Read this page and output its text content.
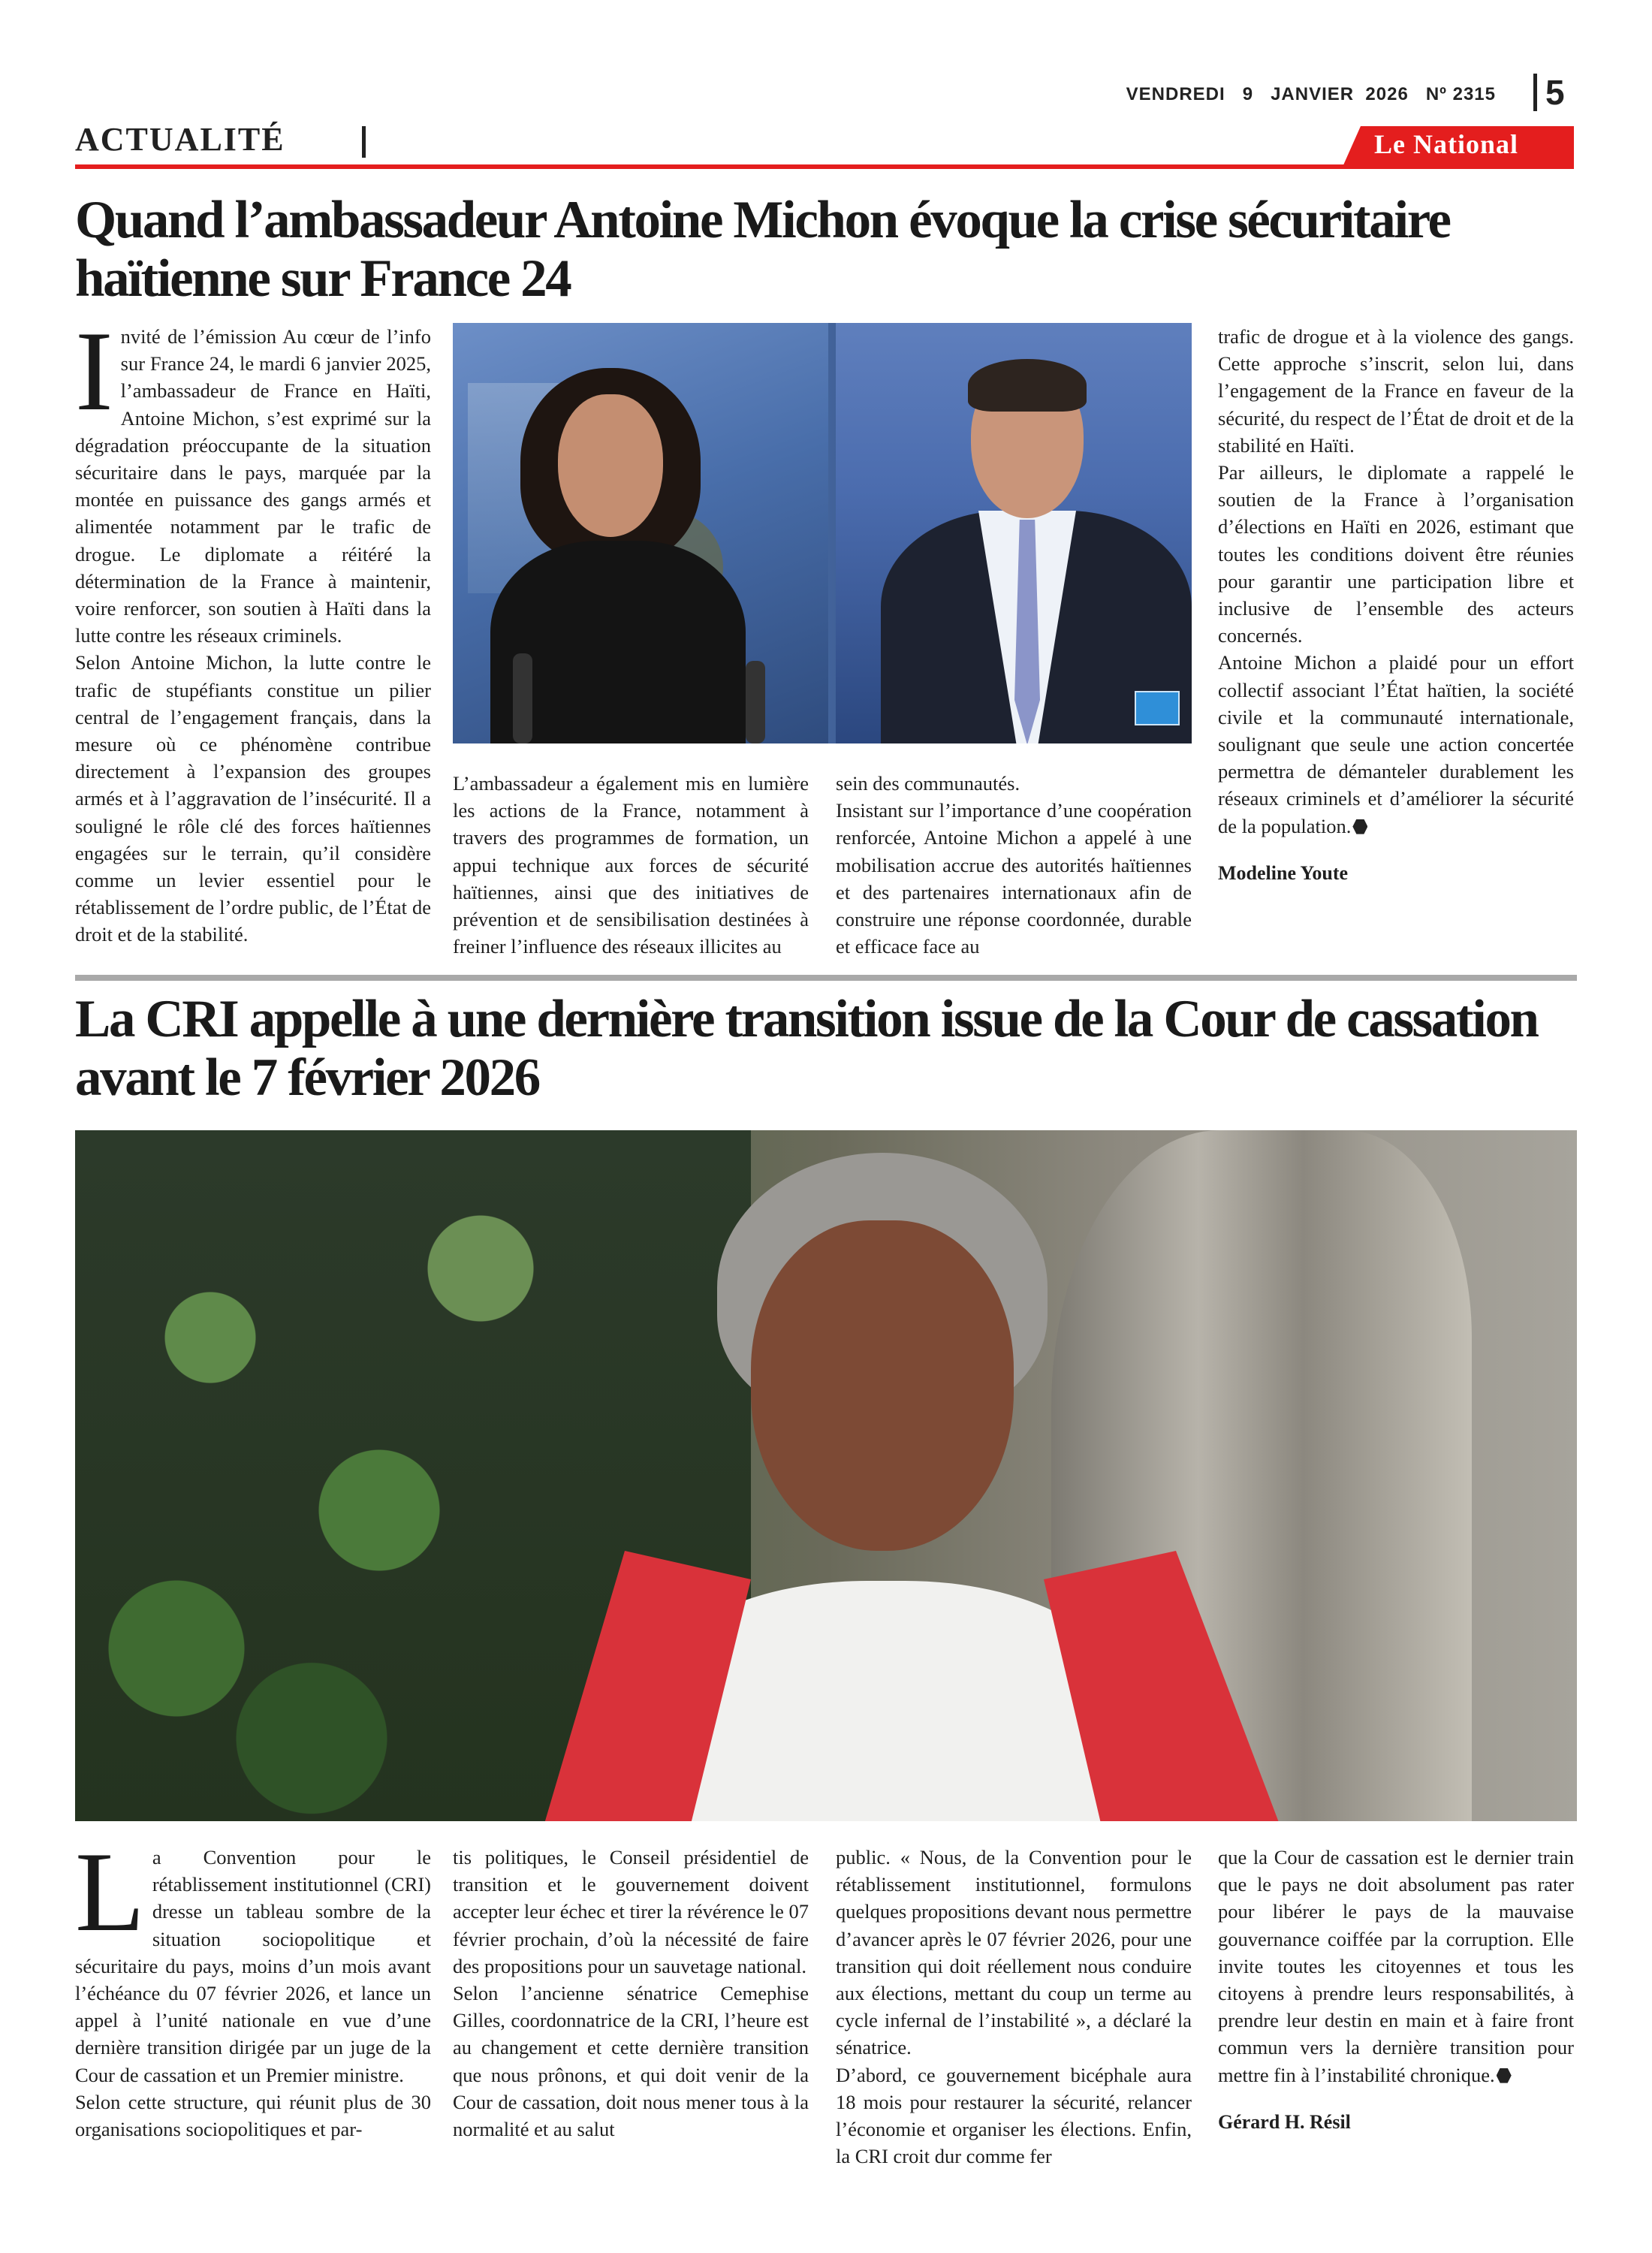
VENDREDI 9 JANVIER  2026 Nº 2315 5
ACTUALITÉ	Le National
Quand l’ambassadeur Antoine Michon évoque la crise sécuritaire haïtienne sur France 24
I nvité de l’émission Au cœur de l’info sur France 24, le mardi 6 janvier 2025, l’ambassadeur de France en Haïti, Antoine Michon, s’est exprimé sur la dégradation préoccupante de la situation sécuritaire dans le pays, marquée par la montée en puissance des gangs armés et alimentée notamment par le trafic de drogue. Le diplomate a réitéré la détermination de la France à maintenir, voire renforcer, son soutien à Haïti dans la lutte contre les réseaux criminels.

Selon Antoine Michon, la lutte contre le trafic de stupéfiants constitue un pilier central de l’engagement français, dans la mesure où ce phénomène contribue directement à l’expansion des groupes armés et à l’aggravation de l’insécurité. Il a souligné le rôle clé des forces haïtiennes engagées sur le terrain, qu’il considère comme un levier essentiel pour le rétablissement de l’ordre public, de l’État de droit et de la stabilité.

L’ambassadeur a également mis en lumière les actions de la France, notamment à travers des programmes de formation, un appui technique aux forces de sécurité haïtiennes, ainsi que des initiatives de prévention et de sensibilisation destinées à freiner l’influence des réseaux illicites au

sein des communautés.

Insistant sur l’importance d’une coopération renforcée, Antoine Michon a appelé à une mobilisation accrue des autorités haïtiennes et des partenaires internationaux afin de construire une réponse coordonnée, durable et efficace face au

trafic de drogue et à la violence des gangs. Cette approche s’inscrit, selon lui, dans l’engagement de la France en faveur de la sécurité, du respect de l’État de droit et de la stabilité en Haïti.

Par ailleurs, le diplomate a rappelé le soutien de la France à l’organisation d’élections en Haïti en 2026, estimant que toutes les conditions doivent être réunies pour garantir une participation libre et inclusive de l’ensemble des acteurs concernés.

Antoine Michon a plaidé pour un effort collectif associant l’État haïtien, la société civile et la communauté internationale, soulignant que seule une action concertée permettra de démanteler durablement les réseaux criminels et d’améliorer la sécurité de la population.

Modeline Youte

La CRI appelle à une dernière transition issue de la Cour de cassation avant le 7 février 2026
L a Convention pour le rétablissement institutionnel (CRI) dresse un tableau sombre de la situation sociopolitique et sécuritaire du pays, moins d’un mois avant l’échéance du 07 février 2026, et lance un appel à l’unité nationale en vue d’une dernière transition dirigée par un juge de la Cour de cassation et un Premier ministre.

Selon cette structure, qui réunit plus de 30 organisations sociopolitiques et par-

tis politiques, le Conseil présidentiel de transition et le gouvernement doivent accepter leur échec et tirer la révérence le 07 février prochain, d’où la nécessité de faire des propositions pour un sauvetage national.

Selon l’ancienne sénatrice Cemephise Gilles, coordonnatrice de la CRI, l’heure est au changement et cette dernière transition que nous prônons, et qui doit venir de la Cour de cassation, doit nous mener tous à la normalité et au salut

public. « Nous, de la Convention pour le rétablissement institutionnel, formulons quelques propositions devant nous permettre d’avancer après le 07 février 2026, pour une transition qui doit réellement nous conduire aux élections, mettant du coup un terme au cycle infernal de l’instabilité », a déclaré la sénatrice.

D’abord, ce gouvernement bicéphale aura 18 mois pour restaurer la sécurité, relancer l’économie et organiser les élections. Enfin, la CRI croit dur comme fer

que la Cour de cassation est le dernier train que le pays ne doit absolument pas rater pour libérer le pays de la mauvaise gouvernance coiffée par la corruption. Elle invite toutes les citoyennes et tous les citoyens à prendre leurs responsabilités, à prendre leur destin en main et à faire front commun vers la dernière transition pour mettre fin à l’instabilité chronique.

Gérard H. Résil
